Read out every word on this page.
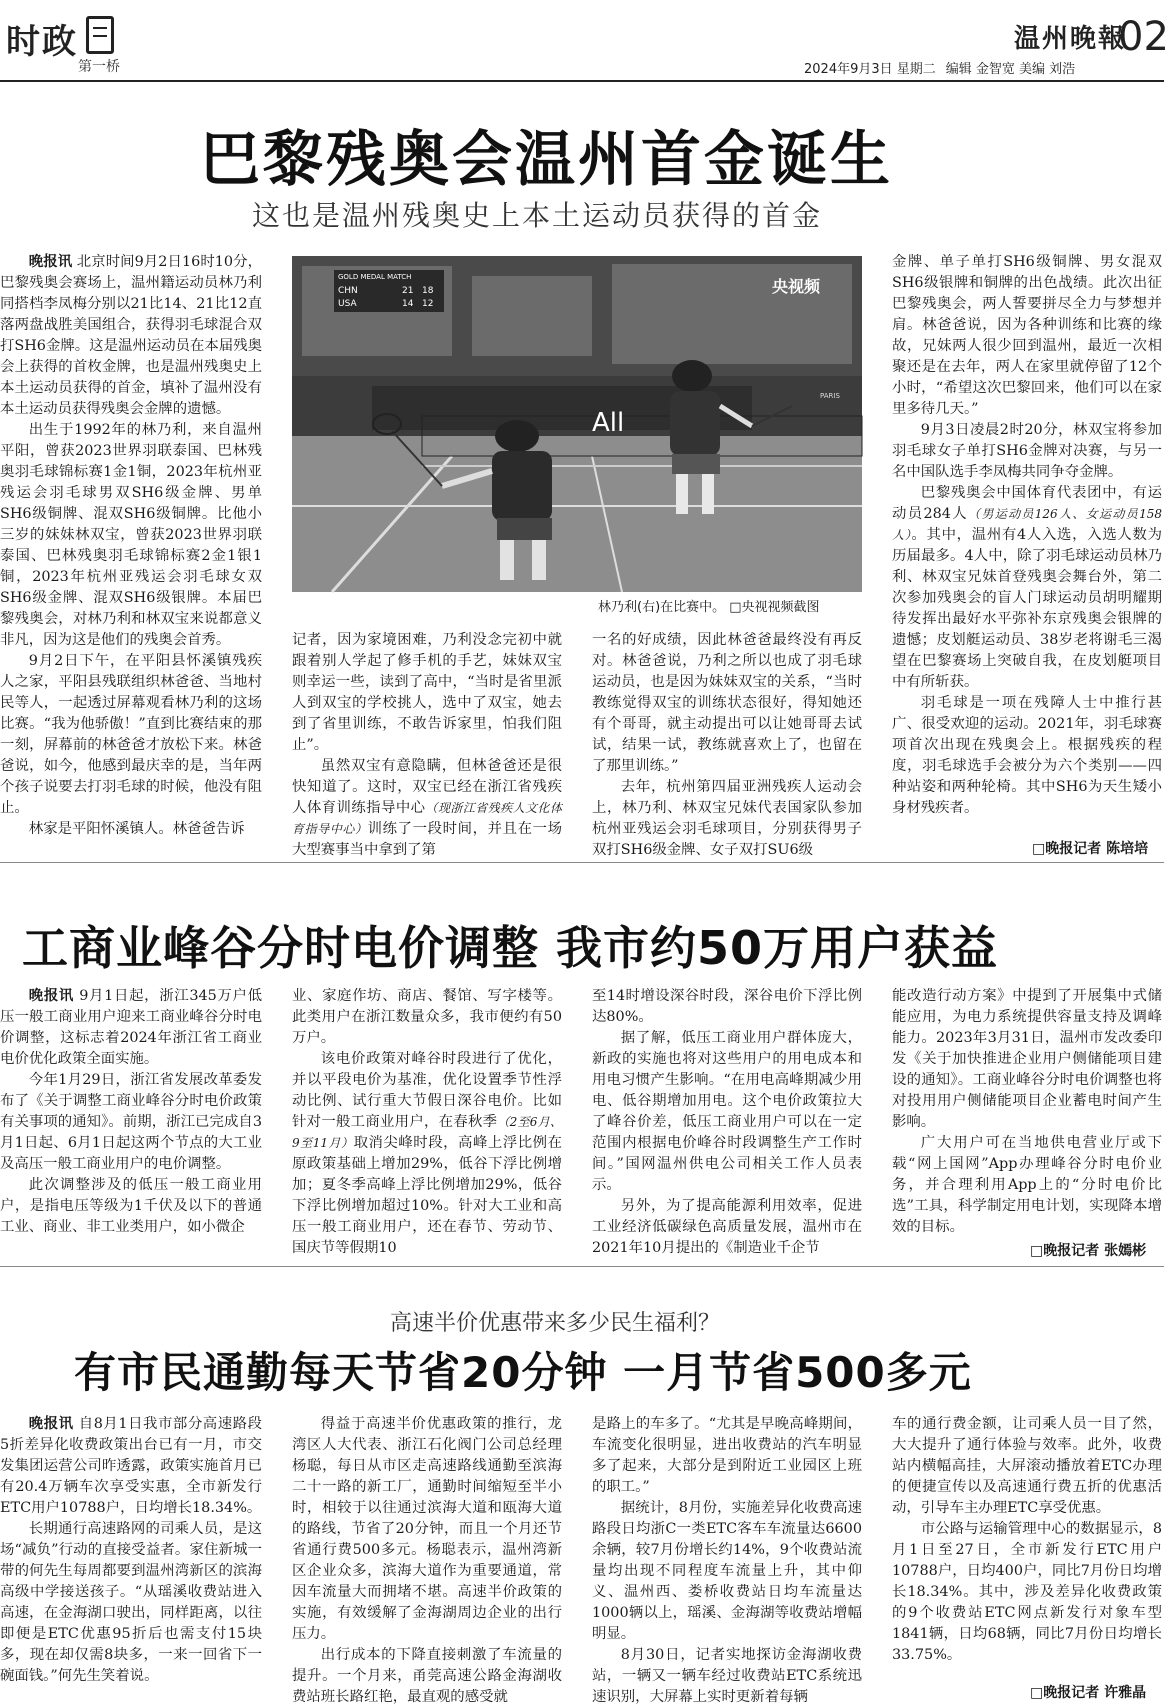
时政
第一桥
温州晚報
02
2024年9月3日 星期二 编辑 金智宽 美编 刘浩
巴黎残奥会温州首金诞生
这也是温州残奥史上本土运动员获得的首金

晚报讯 北京时间9月2日16时10分，巴黎残奥会赛场上，温州籍运动员林乃利同搭档李凤梅分别以21比14、21比12直落两盘战胜美国组合，获得羽毛球混合双打SH6金牌。这是温州运动员在本届残奥会上获得的首枚金牌，也是温州残奥史上本土运动员获得的首金，填补了温州没有本土运动员获得残奥会金牌的遗憾。

出生于1992年的林乃利，来自温州平阳，曾获2023世界羽联泰国、巴林残奥羽毛球锦标赛1金1铜，2023年杭州亚残运会羽毛球男双SH6级金牌、男单SH6级铜牌、混双SH6级铜牌。比他小三岁的妹妹林双宝，曾获2023世界羽联泰国、巴林残奥羽毛球锦标赛2金1银1铜，2023年杭州亚残运会羽毛球女双SH6级金牌、混双SH6级银牌。本届巴黎残奥会，对林乃利和林双宝来说都意义非凡，因为这是他们的残奥会首秀。

9月2日下午，在平阳县怀溪镇残疾人之家，平阳县残联组织林爸爸、当地村民等人，一起透过屏幕观看林乃利的这场比赛。“我为他骄傲！”直到比赛结束的那一刻，屏幕前的林爸爸才放松下来。林爸爸说，如今，他感到最庆幸的是，当年两个孩子说要去打羽毛球的时候，他没有阻止。

林家是平阳怀溪镇人。林爸爸告诉

GOLD MEDAL MATCH
CHN	21 18
USA	14 12
央视频
All
PARIS
林乃利(右)在比赛中。 □央视视频截图

记者，因为家境困难，乃利没念完初中就跟着别人学起了修手机的手艺，妹妹双宝则幸运一些，读到了高中，“当时是省里派人到双宝的学校挑人，选中了双宝，她去到了省里训练，不敢告诉家里，怕我们阻止”。

虽然双宝有意隐瞒，但林爸爸还是很快知道了。这时，双宝已经在浙江省残疾人体育训练指导中心（现浙江省残疾人文化体育指导中心）训练了一段时间，并且在一场大型赛事当中拿到了第

一名的好成绩，因此林爸爸最终没有再反对。林爸爸说，乃利之所以也成了羽毛球运动员，也是因为妹妹双宝的关系，“当时教练觉得双宝的训练状态很好，得知她还有个哥哥，就主动提出可以让她哥哥去试试，结果一试，教练就喜欢上了，也留在了那里训练。”

去年，杭州第四届亚洲残疾人运动会上，林乃利、林双宝兄妹代表国家队参加杭州亚残运会羽毛球项目，分别获得男子双打SH6级金牌、女子双打SU6级

金牌、单子单打SH6级铜牌、男女混双SH6级银牌和铜牌的出色战绩。此次出征巴黎残奥会，两人誓要拼尽全力与梦想并肩。林爸爸说，因为各种训练和比赛的缘故，兄妹两人很少回到温州，最近一次相聚还是在去年，两人在家里就停留了12个小时，“希望这次巴黎回来，他们可以在家里多待几天。”

9月3日凌晨2时20分，林双宝将参加羽毛球女子单打SH6金牌对决赛，与另一名中国队选手李凤梅共同争夺金牌。

巴黎残奥会中国体育代表团中，有运动员284人（男运动员126人、女运动员158人）。其中，温州有4人入选，入选人数为历届最多。4人中，除了羽毛球运动员林乃利、林双宝兄妹首登残奥会舞台外，第二次参加残奥会的盲人门球运动员胡明耀期待发挥出最好水平弥补东京残奥会银牌的遗憾；皮划艇运动员、38岁老将谢毛三渴望在巴黎赛场上突破自我，在皮划艇项目中有所斩获。

羽毛球是一项在残障人士中推行甚广、很受欢迎的运动。2021年，羽毛球赛项首次出现在残奥会上。根据残疾的程度，羽毛球选手会被分为六个类别——四种站姿和两种轮椅。其中SH6为天生矮小身材残疾者。

□晚报记者 陈培培
工商业峰谷分时电价调整 我市约50万用户获益

晚报讯 9月1日起，浙江345万户低压一般工商业用户迎来工商业峰谷分时电价调整，这标志着2024年浙江省工商业电价优化政策全面实施。

今年1月29日，浙江省发展改革委发布了《关于调整工商业峰谷分时电价政策有关事项的通知》。前期，浙江已完成自3月1日起、6月1日起这两个节点的大工业及高压一般工商业用户的电价调整。

此次调整涉及的低压一般工商业用户，是指电压等级为1千伏及以下的普通工业、商业、非工业类用户，如小微企

业、家庭作坊、商店、餐馆、写字楼等。此类用户在浙江数量众多，我市便约有50万户。

该电价政策对峰谷时段进行了优化，并以平段电价为基准，优化设置季节性浮动比例、试行重大节假日深谷电价。比如针对一般工商业用户，在春秋季（2至6月、9至11月）取消尖峰时段，高峰上浮比例在原政策基础上增加29%，低谷下浮比例增加；夏冬季高峰上浮比例增加29%，低谷下浮比例增加超过10%。针对大工业和高压一般工商业用户，还在春节、劳动节、国庆节等假期10

至14时增设深谷时段，深谷电价下浮比例达80%。

据了解，低压工商业用户群体庞大，新政的实施也将对这些用户的用电成本和用电习惯产生影响。“在用电高峰期减少用电、低谷期增加用电。这个电价政策拉大了峰谷价差，低压工商业用户可以在一定范围内根据电价峰谷时段调整生产工作时间。”国网温州供电公司相关工作人员表示。

另外，为了提高能源利用效率，促进工业经济低碳绿色高质量发展，温州市在2021年10月提出的《制造业千企节

能改造行动方案》中提到了开展集中式储能应用，为电力系统提供容量支持及调峰能力。2023年3月31日，温州市发改委印发《关于加快推进企业用户侧储能项目建设的通知》。工商业峰谷分时电价调整也将对投用用户侧储能项目企业蓄电时间产生影响。

广大用户可在当地供电营业厅或下载“网上国网”App办理峰谷分时电价业务，并合理利用App上的“分时电价比选”工具，科学制定用电计划，实现降本增效的目标。

□晚报记者 张嫣彬
高速半价优惠带来多少民生福利？
有市民通勤每天节省20分钟 一月节省500多元

晚报讯 自8月1日我市部分高速路段5折差异化收费政策出台已有一月，市交发集团运营公司昨透露，政策实施首月已有20.4万辆车次享受实惠，全市新发行ETC用户10788户，日均增长18.34%。

长期通行高速路网的司乘人员，是这场“减负”行动的直接受益者。家住新城一带的何先生每周都要到温州湾新区的滨海高级中学接送孩子。“从瑶溪收费站进入高速，在金海湖口驶出，同样距离，以往即便是ETC优惠95折后也需支付15块多，现在却仅需8块多，一来一回省下一碗面钱。”何先生笑着说。

得益于高速半价优惠政策的推行，龙湾区人大代表、浙江石化阀门公司总经理杨聪，每日从市区走高速路线通勤至滨海二十一路的新工厂，通勤时间缩短至半小时，相较于以往通过滨海大道和瓯海大道的路线，节省了20分钟，而且一个月还节省通行费500多元。杨聪表示，温州湾新区企业众多，滨海大道作为重要通道，常因车流量大而拥堵不堪。高速半价政策的实施，有效缓解了金海湖周边企业的出行压力。

出行成本的下降直接刺激了车流量的提升。一个月来，甬莞高速公路金海湖收费站班长路红艳，最直观的感受就

是路上的车多了。“尤其是早晚高峰期间，车流变化很明显，进出收费站的汽车明显多了起来，大部分是到附近工业园区上班的职工。”

据统计，8月份，实施差异化收费高速路段日均浙C一类ETC客车车流量达6600余辆，较7月份增长约14%，9个收费站流量均出现不同程度车流量上升，其中仰义、温州西、娄桥收费站日均车流量达1000辆以上，瑶溪、金海湖等收费站增幅明显。

8月30日，记者实地探访金海湖收费站，一辆又一辆车经过收费站ETC系统迅速识别，大屏幕上实时更新着每辆

车的通行费金额，让司乘人员一目了然，大大提升了通行体验与效率。此外，收费站内横幅高挂，大屏滚动播放着ETC办理的便捷宣传以及高速通行费五折的优惠活动，引导车主办理ETC享受优惠。

市公路与运输管理中心的数据显示，8月1日至27日，全市新发行ETC用户10788户，日均400户，同比7月份日均增长18.34%。其中，涉及差异化收费政策的9个收费站ETC网点新发行对象车型1841辆，日均68辆，同比7月份日均增长33.75%。

□晚报记者 许雅晶
